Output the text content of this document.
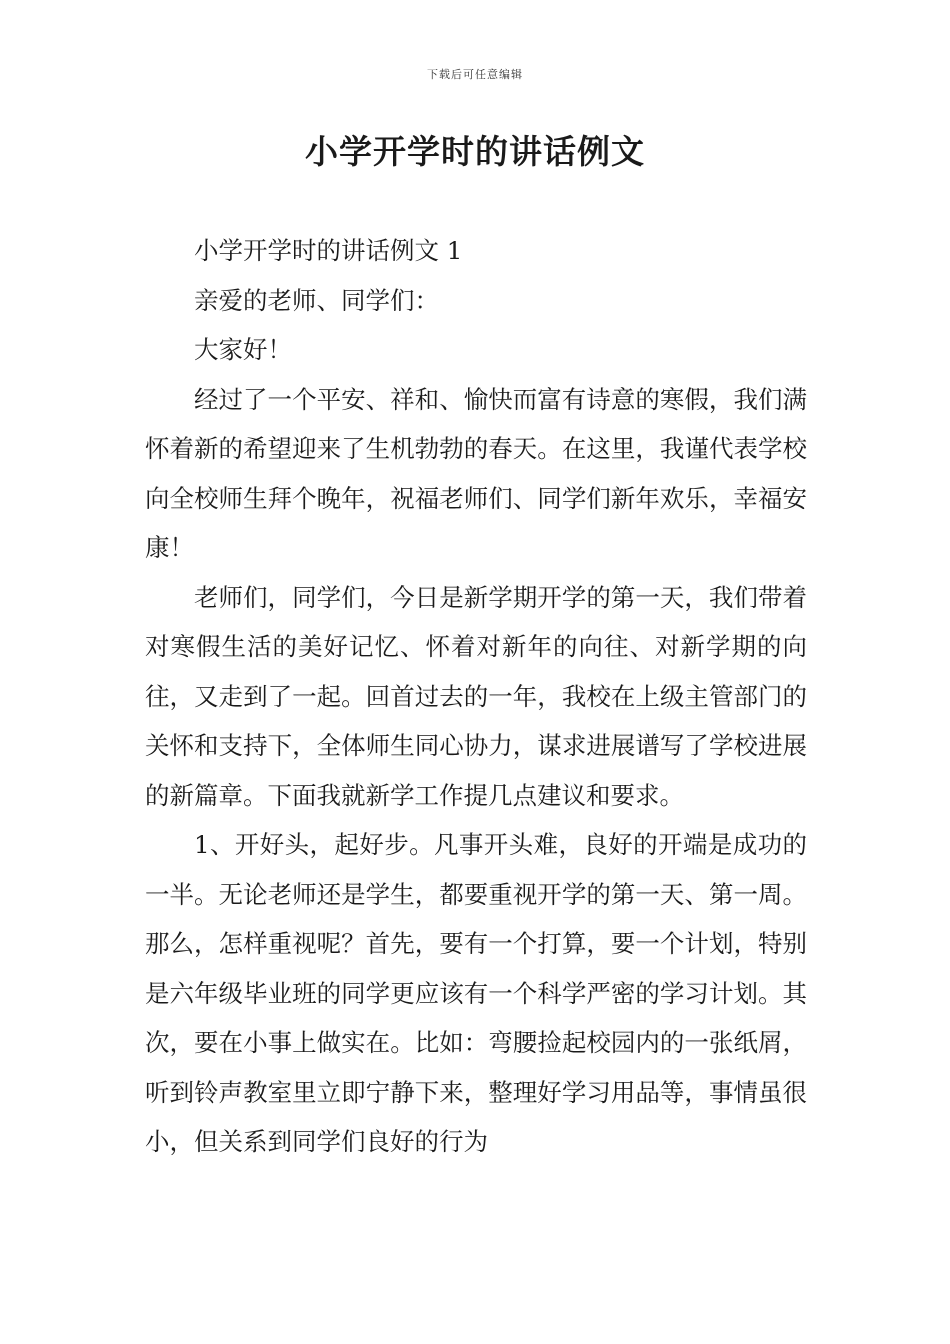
下载后可任意编辑
小学开学时的讲话例文

小学开学时的讲话例文 1

亲爱的老师、同学们：

大家好！

经过了一个平安、祥和、愉快而富有诗意的寒假，我们满怀着新的希望迎来了生机勃勃的春天。在这里，我谨代表学校向全校师生拜个晚年，祝福老师们、同学们新年欢乐，幸福安康！

老师们，同学们，今日是新学期开学的第一天，我们带着对寒假生活的美好记忆、怀着对新年的向往、对新学期的向往，又走到了一起。回首过去的一年，我校在上级主管部门的关怀和支持下，全体师生同心协力，谋求进展谱写了学校进展的新篇章。下面我就新学工作提几点建议和要求。

1、开好头，起好步。凡事开头难，良好的开端是成功的一半。无论老师还是学生，都要重视开学的第一天、第一周。那么，怎样重视呢？首先，要有一个打算，要一个计划，特别是六年级毕业班的同学更应该有一个科学严密的学习计划。其次，要在小事上做实在。比如：弯腰捡起校园内的一张纸屑，听到铃声教室里立即宁静下来，整理好学习用品等，事情虽很小，但关系到同学们良好的行为
